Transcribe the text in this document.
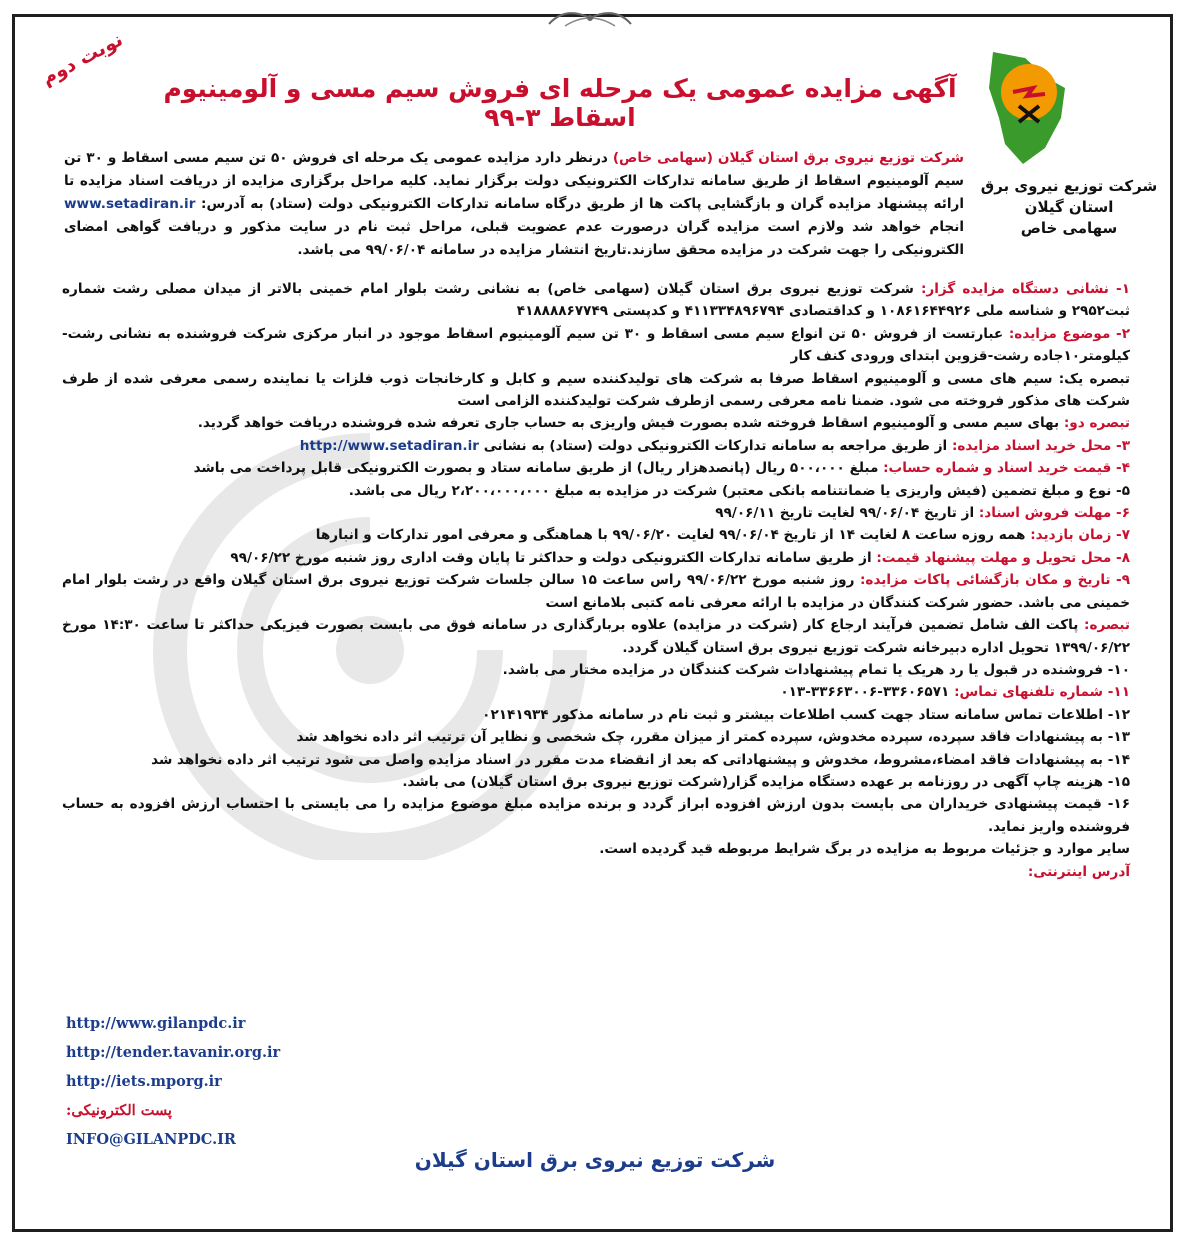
شرکت توزیع نیروی برق
استان گیلان
سهامی خاص
نوبت دوم	آگهی مزایده عمومی یک مرحله ای فروش سیم مسی و آلومینیوم اسقاط ۳-۹۹
شرکت توزیع نیروی برق استان گیلان (سهامی خاص) درنظر دارد مزایده عمومی یک مرحله ای فروش ۵۰ تن سیم مسی اسقاط و ۳۰ تن سیم آلومینیوم اسقاط از طریق سامانه تدارکات الکترونیکی دولت برگزار نماید. کلیه مراحل برگزاری مزایده از دریافت اسناد مزایده تا ارائه پیشنهاد مزایده گران و بازگشایی پاکت ها از طریق درگاه سامانه تدارکات الکترونیکی دولت (ستاد) به آدرس: www.setadiran.ir انجام خواهد شد ولازم است مزایده گران درصورت عدم عضویت قبلی، مراحل ثبت نام در سایت مذکور و دریافت گواهی امضای الکترونیکی را جهت شرکت در مزایده محقق سازند.تاریخ انتشار مزایده در سامانه ۹۹/۰۶/۰۴ می باشد.

۱- نشانی دستگاه مزایده گزار: شرکت توزیع نیروی برق استان گیلان (سهامی خاص) به نشانی رشت بلوار امام خمینی بالاتر از میدان مصلی رشت شماره ثبت۲۹۵۲ و شناسه ملی ۱۰۸۶۱۶۴۴۹۲۶ و کداقتصادی ۴۱۱۳۳۴۸۹۶۷۹۴ و کدپستی ۴۱۸۸۸۸۶۷۷۴۹

۲- موضوع مزایده: عبارتست از فروش ۵۰ تن انواع سیم مسی اسقاط و ۳۰ تن سیم آلومینیوم اسقاط موجود در انبار مرکزی شرکت فروشنده به نشانی رشت- کیلومتر۱۰جاده رشت-قزوین ابتدای ورودی کنف کار

تبصره یک: سیم های مسی و آلومینیوم اسقاط صرفا به شرکت های تولیدکننده سیم و کابل و کارخانجات ذوب فلزات یا نماینده رسمی معرفی شده از طرف شرکت های مذکور فروخته می شود. ضمنا نامه معرفی رسمی ازطرف شرکت تولیدکننده الزامی است

تبصره دو: بهای سیم مسی و آلومینیوم اسقاط فروخته شده بصورت فیش واریزی به حساب جاری تعرفه شده فروشنده دریافت خواهد گردید.

۳- محل خرید اسناد مزایده: از طریق مراجعه به سامانه تدارکات الکترونیکی دولت (ستاد) به نشانی http://www.setadiran.ir

۴- قیمت خرید اسناد و شماره حساب: مبلغ ۵۰۰،۰۰۰ ریال (پانصدهزار ریال) از طریق سامانه ستاد و بصورت الکترونیکی قابل پرداخت می باشد

۵- نوع و مبلغ تضمین (فیش واریزی یا ضمانتنامه بانکی معتبر) شرکت در مزایده به مبلغ ۲،۲۰۰،۰۰۰،۰۰۰ ریال می باشد.

۶- مهلت فروش اسناد: از تاریخ ۹۹/۰۶/۰۴ لغایت تاریخ ۹۹/۰۶/۱۱

۷- زمان بازدید: همه روزه ساعت ۸ لغایت ۱۴ از تاریخ ۹۹/۰۶/۰۴ لغایت ۹۹/۰۶/۲۰ با هماهنگی و معرفی امور تدارکات و انبارها

۸- محل تحویل و مهلت پیشنهاد قیمت: از طریق سامانه تدارکات الکترونیکی دولت و حداکثر تا پایان وقت اداری روز شنبه مورخ ۹۹/۰۶/۲۲

۹- تاریخ و مکان بازگشائی پاکات مزایده: روز شنبه مورخ ۹۹/۰۶/۲۲ راس ساعت ۱۵ سالن جلسات شرکت توزیع نیروی برق استان گیلان واقع در رشت بلوار امام خمینی می باشد. حضور شرکت کنندگان در مزایده با ارائه معرفی نامه کتبی بلامانع است

تبصره: پاکت الف شامل تضمین فرآیند ارجاع کار (شرکت در مزایده) علاوه بربارگذاری در سامانه فوق می بایست بصورت فیزیکی حداکثر تا ساعت ۱۴:۳۰ مورخ ۱۳۹۹/۰۶/۲۲ تحویل اداره دبیرخانه شرکت توزیع نیروی برق استان گیلان گردد.

۱۰- فروشنده در قبول یا رد هریک یا تمام پیشنهادات شرکت کنندگان در مزایده مختار می باشد.

۱۱- شماره تلفنهای تماس: ۳۳۶۰۶۵۷۱-۳۳۶۶۳۰۰۶-۰۱۳

۱۲- اطلاعات تماس سامانه ستاد جهت کسب اطلاعات بیشتر و ثبت نام در سامانه مذکور ۰۲۱۴۱۹۳۴

۱۳- به پیشنهادات فاقد سپرده، سپرده مخدوش، سپرده کمتر از میزان مقرر، چک شخصی و نظایر آن ترتیب اثر داده نخواهد شد

۱۴- به پیشنهادات فاقد امضاء،مشروط، مخدوش و پیشنهاداتی که بعد از انقضاء مدت مقرر در اسناد مزایده واصل می شود ترتیب اثر داده نخواهد شد

۱۵- هزینه چاپ آگهی در روزنامه بر عهده دستگاه مزایده گزار(شرکت توزیع نیروی برق استان گیلان) می باشد.

۱۶- قیمت پیشنهادی خریداران می بایست بدون ارزش افزوده ابراز گردد و برنده مزایده مبلغ موضوع مزایده را می بایستی با احتساب ارزش افزوده به حساب فروشنده واریز نماید.

سایر موارد و جزئیات مربوط به مزایده در برگ شرایط مربوطه قید گردیده است.

آدرس اینترنتی:

http://www.gilanpdc.ir
http://tender.tavanir.org.ir
http://iets.mporg.ir
پست الکترونیکی:
INFO@GILANPDC.IR
شرکت توزیع نیروی برق استان گیلان
